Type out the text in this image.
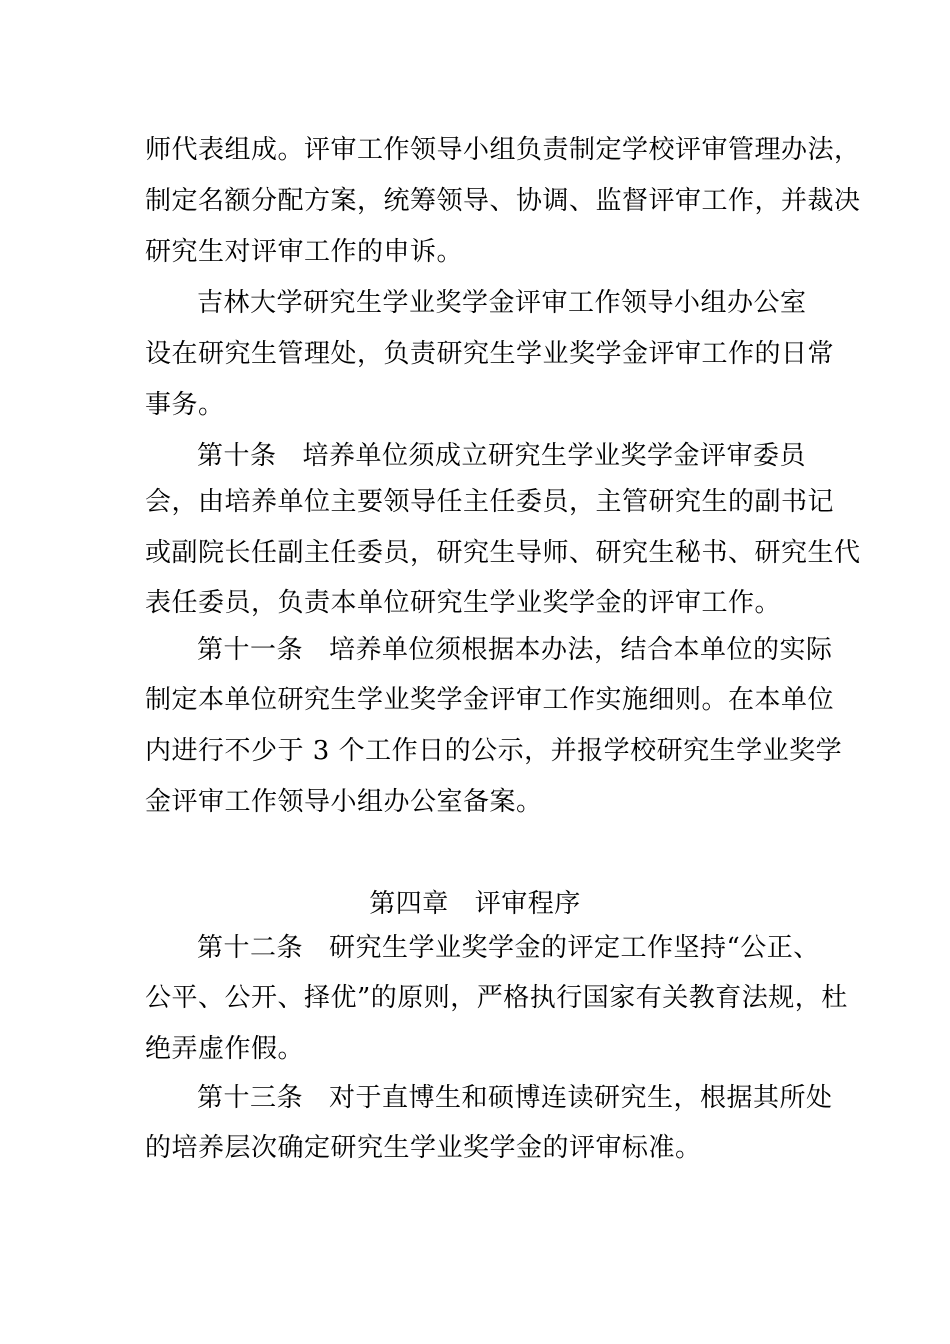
师代表组成。评审工作领导小组负责制定学校评审管理办法，
制定名额分配方案，统筹领导、协调、监督评审工作，并裁决
研究生对评审工作的申诉。
吉林大学研究生学业奖学金评审工作领导小组办公室
设在研究生管理处，负责研究生学业奖学金评审工作的日常
事务。
第十条 培养单位须成立研究生学业奖学金评审委员
会，由培养单位主要领导任主任委员，主管研究生的副书记
或副院长任副主任委员，研究生导师、研究生秘书、研究生代
表任委员，负责本单位研究生学业奖学金的评审工作。
第十一条 培养单位须根据本办法，结合本单位的实际
制定本单位研究生学业奖学金评审工作实施细则。在本单位
内进行不少于 3 个工作日的公示，并报学校研究生学业奖学
金评审工作领导小组办公室备案。
第四章 评审程序
第十二条 研究生学业奖学金的评定工作坚持“公正、
公平、公开、择优”的原则，严格执行国家有关教育法规，杜
绝弄虚作假。
第十三条 对于直博生和硕博连读研究生，根据其所处
的培养层次确定研究生学业奖学金的评审标准。
